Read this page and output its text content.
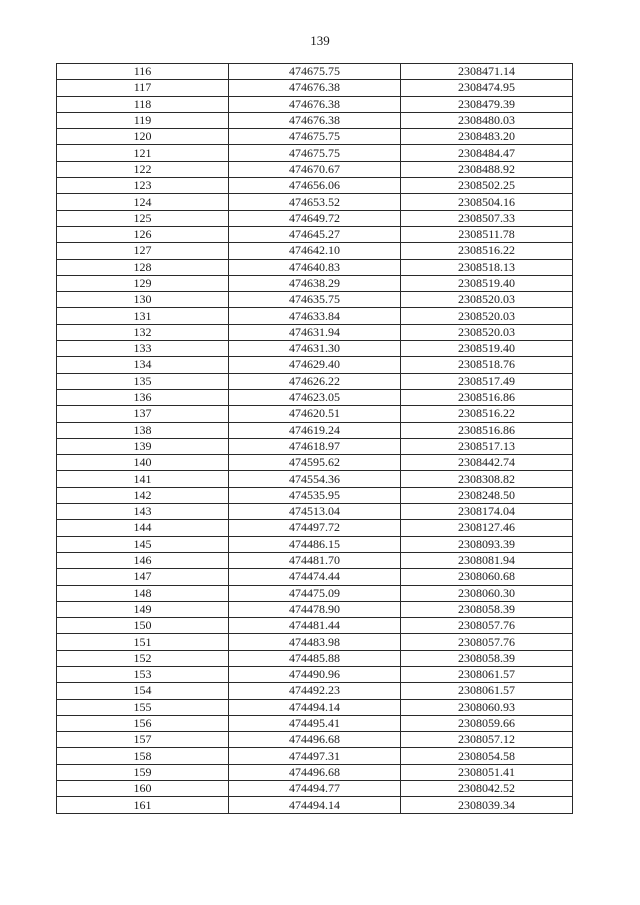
139
116	474675.75	2308471.14
117	474676.38	2308474.95
118	474676.38	2308479.39
119	474676.38	2308480.03
120	474675.75	2308483.20
121	474675.75	2308484.47
122	474670.67	2308488.92
123	474656.06	2308502.25
124	474653.52	2308504.16
125	474649.72	2308507.33
126	474645.27	2308511.78
127	474642.10	2308516.22
128	474640.83	2308518.13
129	474638.29	2308519.40
130	474635.75	2308520.03
131	474633.84	2308520.03
132	474631.94	2308520.03
133	474631.30	2308519.40
134	474629.40	2308518.76
135	474626.22	2308517.49
136	474623.05	2308516.86
137	474620.51	2308516.22
138	474619.24	2308516.86
139	474618.97	2308517.13
140	474595.62	2308442.74
141	474554.36	2308308.82
142	474535.95	2308248.50
143	474513.04	2308174.04
144	474497.72	2308127.46
145	474486.15	2308093.39
146	474481.70	2308081.94
147	474474.44	2308060.68
148	474475.09	2308060.30
149	474478.90	2308058.39
150	474481.44	2308057.76
151	474483.98	2308057.76
152	474485.88	2308058.39
153	474490.96	2308061.57
154	474492.23	2308061.57
155	474494.14	2308060.93
156	474495.41	2308059.66
157	474496.68	2308057.12
158	474497.31	2308054.58
159	474496.68	2308051.41
160	474494.77	2308042.52
161	474494.14	2308039.34
